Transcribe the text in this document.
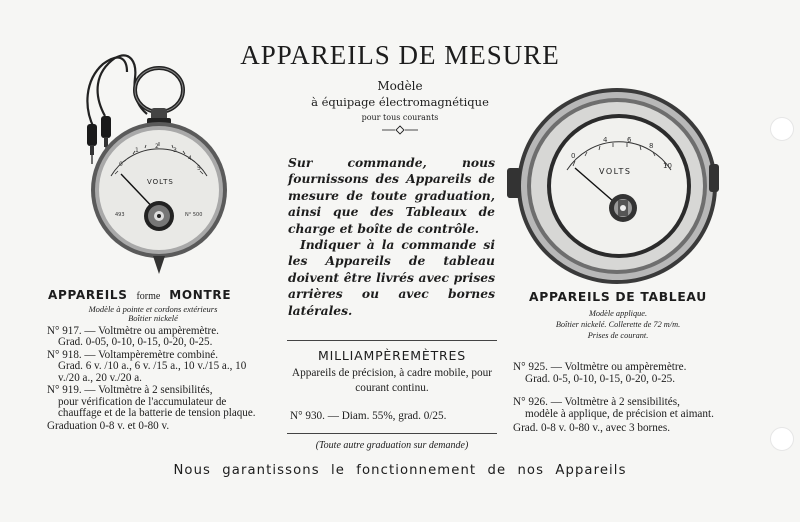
APPAREILS DE MESURE
Modèle
à équipage électromagnétique
pour tous courants
0
1
2
3
4
5
VOLTS
493	N° 500
0
4	6
8
10
VOLTS

Sur commande, nous fournissons des Appareils de mesure de toute graduation, ainsi que des Tableaux de charge et boîte de contrôle.

Indiquer à la commande si les Appareils de tableau doivent être livrés avec prises arrières ou avec bornes latérales.

MILLIAMPÈREMÈTRES
Appareils de précision, à cadre mobile, pour courant continu.
N° 930. — Diam. 55%, grad. 0/25.
(Toute autre graduation sur demande)
APPAREILS forme MONTRE
Modèle à pointe et cordons extérieurs
Boîtier nickelé
N° 917. — Voltmètre ou ampèremètre.
Grad. 0-05, 0-10, 0-15, 0-20, 0-25.
N° 918. — Voltampèremètre combiné.
Grad. 6 v. /10 a., 6 v. /15 a., 10 v./15 a., 10 v./20 a., 20 v./20 a.
N° 919. — Voltmètre à 2 sensibilités,
pour vérification de l'accumulateur de chauffage et de la batterie de tension plaque.
Graduation 0-8 v. et 0-80 v.
APPAREILS DE TABLEAU
Modèle applique.
Boîtier nickelé. Collerette de 72 m/m.
Prises de courant.
N° 925. — Voltmètre ou ampèremètre.
Grad. 0-5, 0-10, 0-15, 0-20, 0-25.
N° 926. — Voltmètre à 2 sensibilités,
modèle à applique, de précision et aimant.
Grad. 0-8 v. 0-80 v., avec 3 bornes.
Nous garantissons le fonctionnement de nos Appareils
